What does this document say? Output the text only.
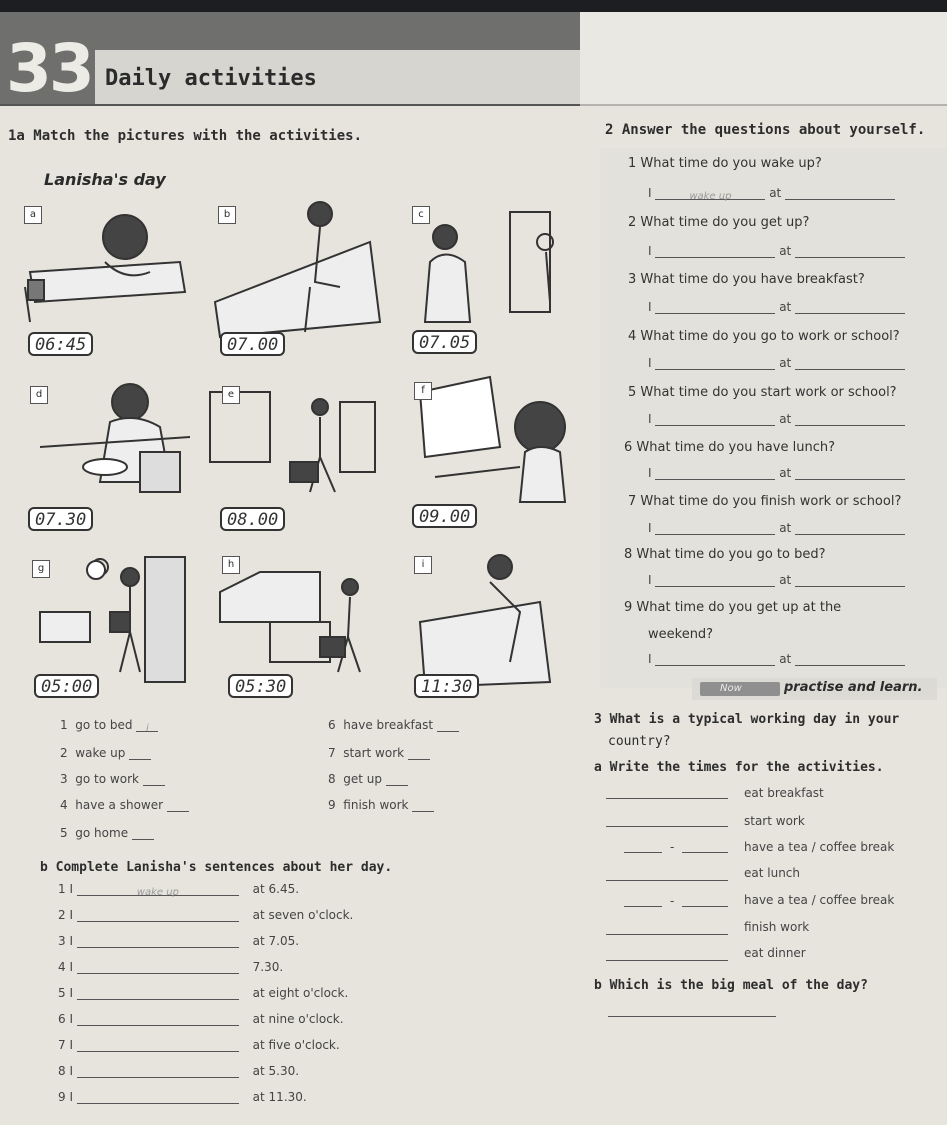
33 Daily activities
1a Match the pictures with the activities.
Lanisha's day
a	b	c
d	e	f
g	h	i
06:45	07.00	07.05
07.30	08.00	09.00
05:00	05:30	11:30
1 go to bed i
2 wake up
3 go to work
4 have a shower
5 go home
6 have breakfast
7 start work
8 get up
9 finish work
b Complete Lanisha's sentences about her day.
1 I	wake up	at 6.45.
2 I	at seven o'clock.
3 I	at 7.05.
4 I	7.30.
5 I	at eight o'clock.
6 I	at nine o'clock.
7 I	at five o'clock.
8 I	at 5.30.
9 I	at 11.30.
2 Answer the questions about yourself.
1 What time do you wake up?
I	wake up	at
2 What time do you get up?
I	at
3 What time do you have breakfast?
I	at
4 What time do you go to work or school?
I	at
5 What time do you start work or school?
I	at
6 What time do you have lunch?
I	at
7 What time do you finish work or school?
I	at
8 What time do you go to bed?
I	at
9 What time do you get up at the
weekend?
I	at
Now	practise and learn.
3 What is a typical working day in your
country?
a Write the times for the activities.
eat breakfast
start work
-	have a tea / coffee break
eat lunch
-	have a tea / coffee break
finish work
eat dinner
b Which is the big meal of the day?
